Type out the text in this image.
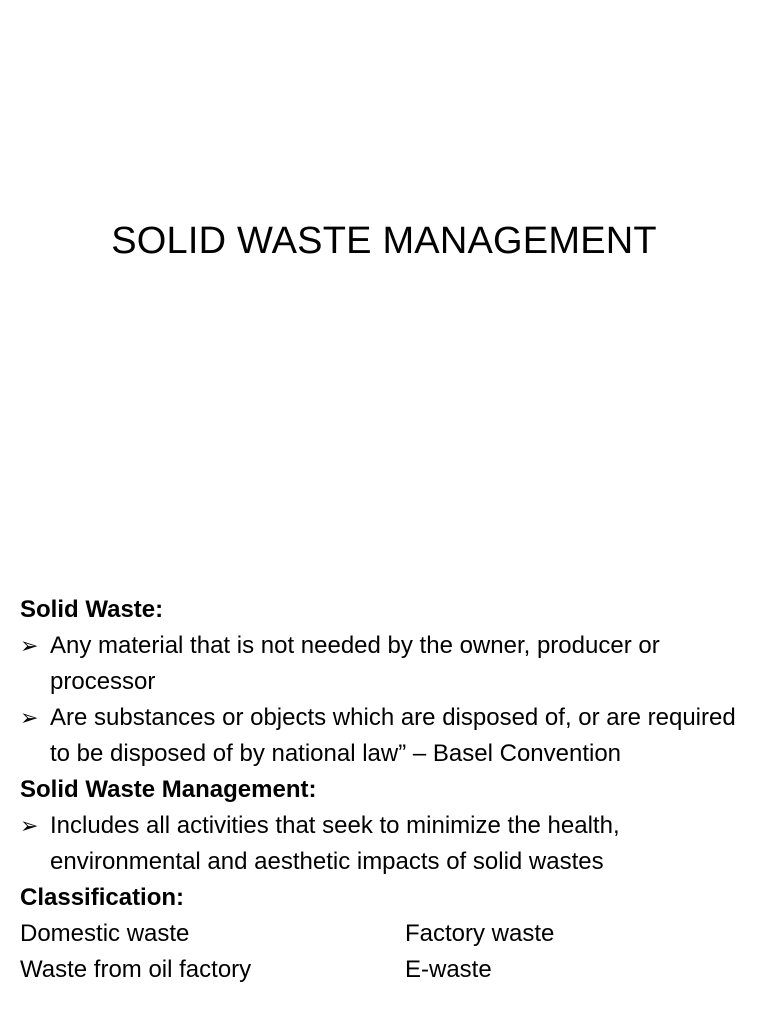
SOLID WASTE MANAGEMENT

Solid Waste:

➢ Any material that is not needed by the owner, producer or processor

➢ Are substances or objects which are disposed of, or are required to be disposed of by national law” – Basel Convention

Solid Waste Management:

➢ Includes all activities that seek to minimize the health, environmental and aesthetic impacts of solid wastes

Classification:

Domestic waste	Factory waste
Waste from oil factory	E-waste
